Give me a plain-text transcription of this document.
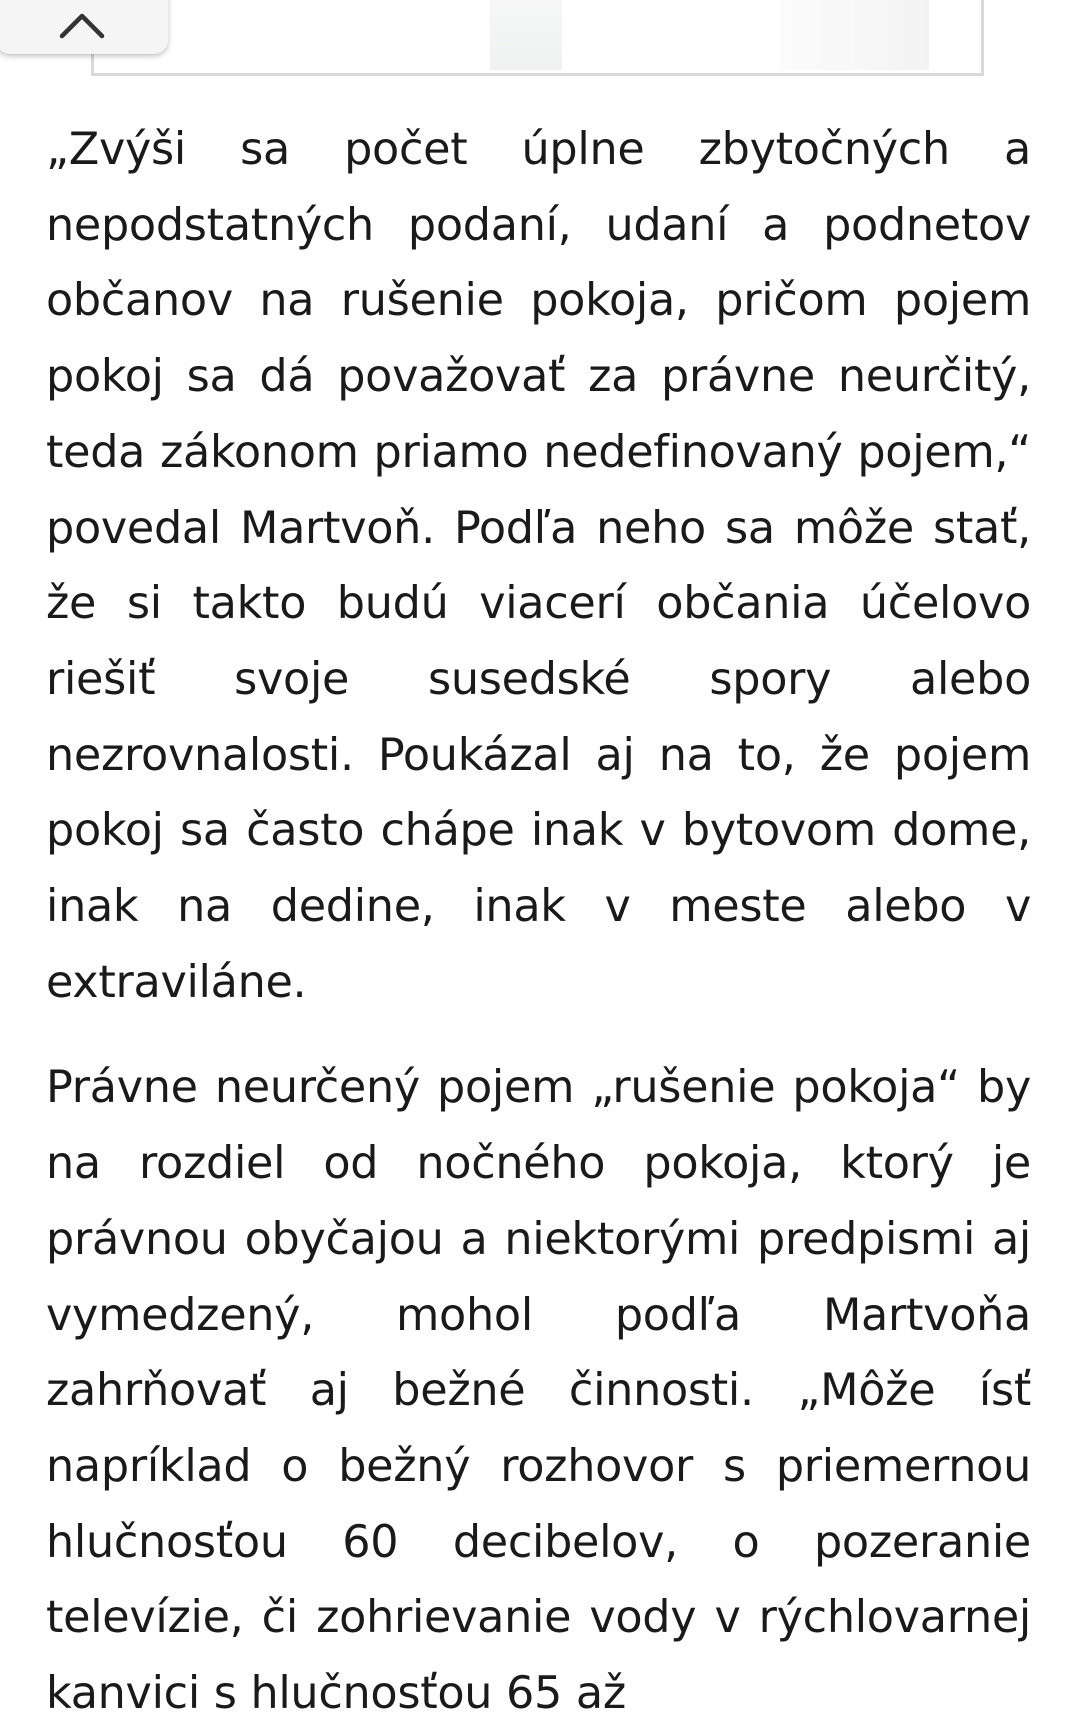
„Zvýši sa počet úplne zbytočných a nepodstatných podaní, udaní a podnetov občanov na rušenie pokoja, pričom pojem pokoj sa dá považovať za právne neurčitý, teda zákonom priamo nedefinovaný pojem,“ povedal Martvoň. Podľa neho sa môže stať, že si takto budú viacerí občania účelovo riešiť svoje susedské spory alebo nezrovnalosti. Poukázal aj na to, že pojem pokoj sa často chápe inak v bytovom dome, inak na dedine, inak v meste alebo v extraviláne.

Právne neurčený pojem „rušenie pokoja“ by na rozdiel od nočného pokoja, ktorý je právnou obyčajou a niektorými predpismi aj vymedzený, mohol podľa Martvoňa zahrňovať aj bežné činnosti. „Môže ísť napríklad o bežný rozhovor s priemernou hlučnosťou 60 decibelov, o pozeranie televízie, či zohrievanie vody v rýchlovarnej kanvici s hlučnosťou 65 až
